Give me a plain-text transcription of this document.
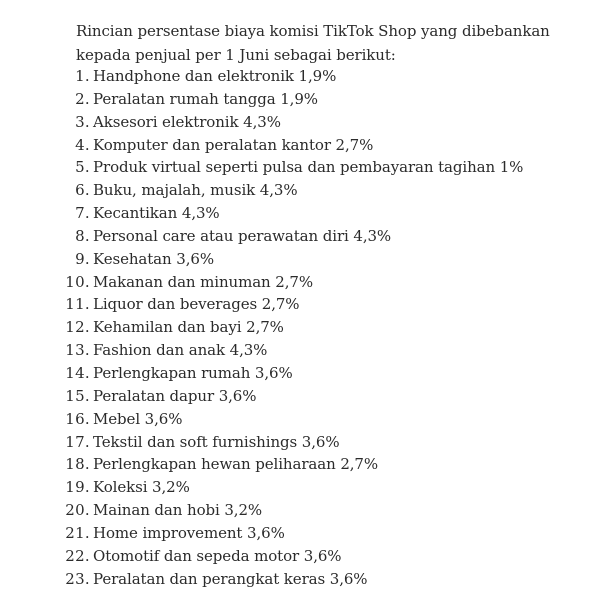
Rincian persentase biaya komisi TikTok Shop yang dibebankan
kepada penjual per 1 Juni sebagai berikut:

1. Handphone dan elektronik 1,9%
2. Peralatan rumah tangga 1,9%
3. Aksesori elektronik 4,3%
4. Komputer dan peralatan kantor 2,7%
5. Produk virtual seperti pulsa dan pembayaran tagihan 1%
6. Buku, majalah, musik 4,3%
7. Kecantikan 4,3%
8. Personal care atau perawatan diri 4,3%
9. Kesehatan 3,6%
10. Makanan dan minuman 2,7%
11. Liquor dan beverages 2,7%
12. Kehamilan dan bayi 2,7%
13. Fashion dan anak 4,3%
14. Perlengkapan rumah 3,6%
15. Peralatan dapur 3,6%
16. Mebel 3,6%
17. Tekstil dan soft furnishings 3,6%
18. Perlengkapan hewan peliharaan 2,7%
19. Koleksi 3,2%
20. Mainan dan hobi 3,2%
21. Home improvement 3,6%
22. Otomotif dan sepeda motor 3,6%
23. Peralatan dan perangkat keras 3,6%
